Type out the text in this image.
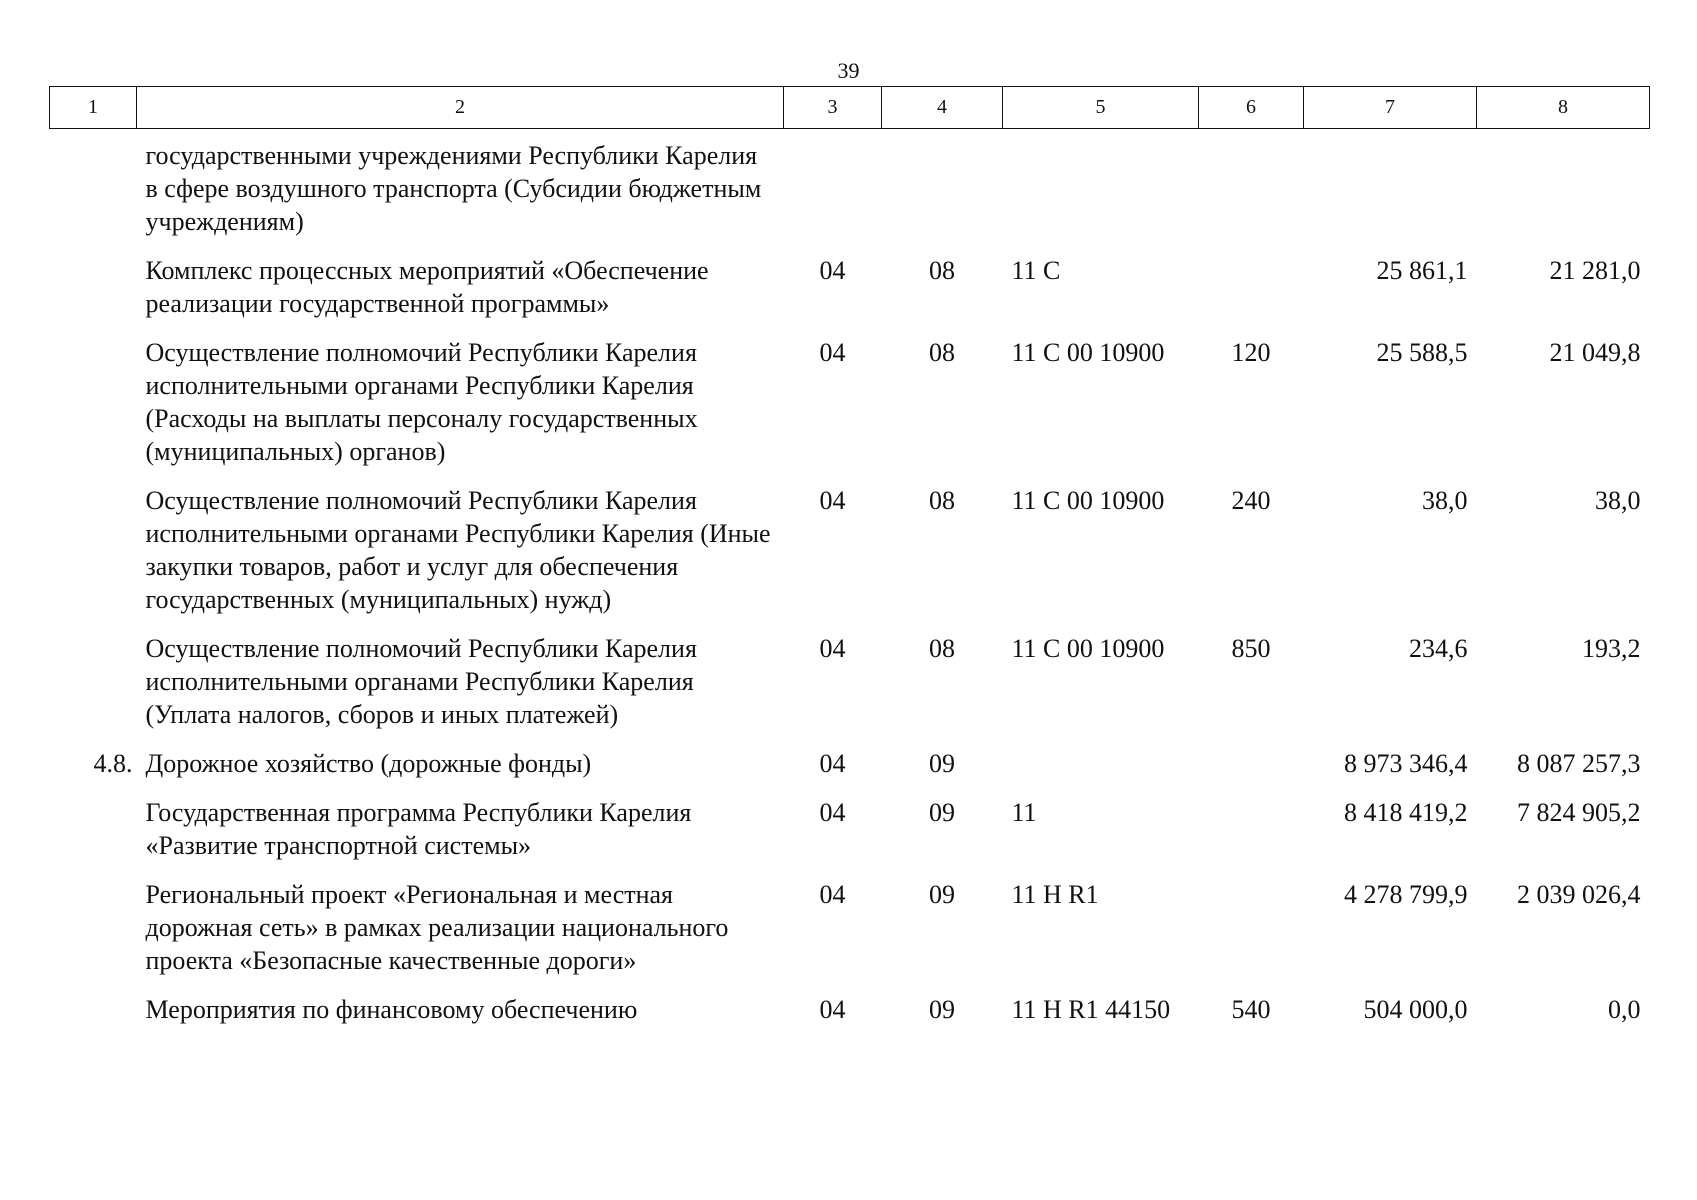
39
1	2	3	4	5	6	7	8
	государственными учреждениями Республики Карелия в сфере воздушного транспорта (Субсидии бюджетным учреждениям)						
	Комплекс процессных мероприятий «Обеспечение реализации государственной программы»	04	08	11 С		25 861,1	21 281,0
	Осуществление полномочий Республики Карелия исполнительными органами Республики Карелия (Расходы на выплаты персоналу государственных (муниципальных) органов)	04	08	11 С 00 10900	120	25 588,5	21 049,8
	Осуществление полномочий Республики Карелия исполнительными органами Республики Карелия (Иные закупки товаров, работ и услуг для обеспечения государственных (муниципальных) нужд)	04	08	11 С 00 10900	240	38,0	38,0
	Осуществление полномочий Республики Карелия исполнительными органами Республики Карелия (Уплата налогов, сборов и иных платежей)	04	08	11 С 00 10900	850	234,6	193,2
4.8.	Дорожное хозяйство (дорожные фонды)	04	09			8 973 346,4	8 087 257,3
	Государственная программа Республики Карелия «Развитие транспортной системы»	04	09	11		8 418 419,2	7 824 905,2
	Региональный проект «Региональная и местная дорожная сеть» в рамках реализации национального проекта «Безопасные качественные дороги»	04	09	11 Н R1		4 278 799,9	2 039 026,4
	Мероприятия по финансовому обеспечению	04	09	11 Н R1 44150	540	504 000,0	0,0
